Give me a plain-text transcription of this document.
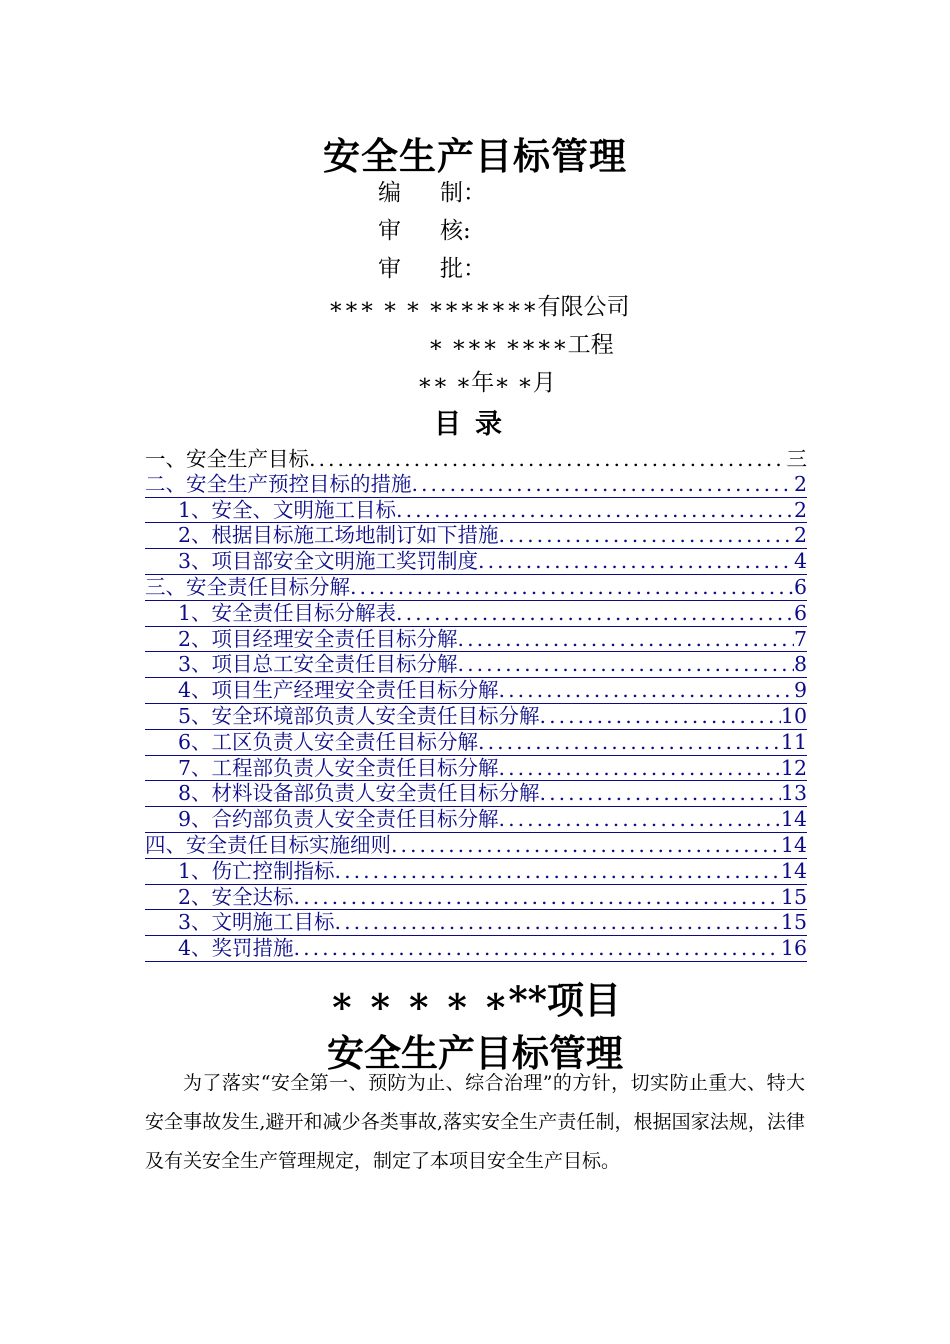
安全生产目标管理
编 制：
审 核:
审 批：
∗∗∗ ∗ ∗ ∗∗∗∗∗∗∗有限公司
∗ ∗∗∗ ∗∗∗∗工程
∗∗ ∗年∗ ∗月
目录
一、安全生产目标 .....	三
二、安全生产预控目标的措施 .....	2
1、安全、文明施工目标 .....	2
2、根据目标施工场地制订如下措施 .....	2
3、项目部安全文明施工奖罚制度 .....	4
三、安全责任目标分解 .....	6
1、安全责任目标分解表 .....	6
2、项目经理安全责任目标分解 .....	7
3、项目总工安全责任目标分解 .....	8
4、项目生产经理安全责任目标分解 .....	9
5、安全环境部负责人安全责任目标分解 .....	10
6、工区负责人安全责任目标分解 .....	11
7、工程部负责人安全责任目标分解 .....	12
8、材料设备部负责人安全责任目标分解 .....	13
9、合约部负责人安全责任目标分解 .....	14
四、安全责任目标实施细则 .....	14
1、伤亡控制指标 .....	14
2、安全达标 .....	15
3、文明施工目标 .....	15
4、奖罚措施 .....	16
∗ ∗ ∗ ∗ ∗**项目
安全生产目标管理
为了落实“安全第一、预防为止、综合治理”的方针，切实防止重大、特大安全事故发生,避开和减少各类事故,落实安全生产责任制，根据国家法规，法律及有关安全生产管理规定，制定了本项目安全生产目标。
